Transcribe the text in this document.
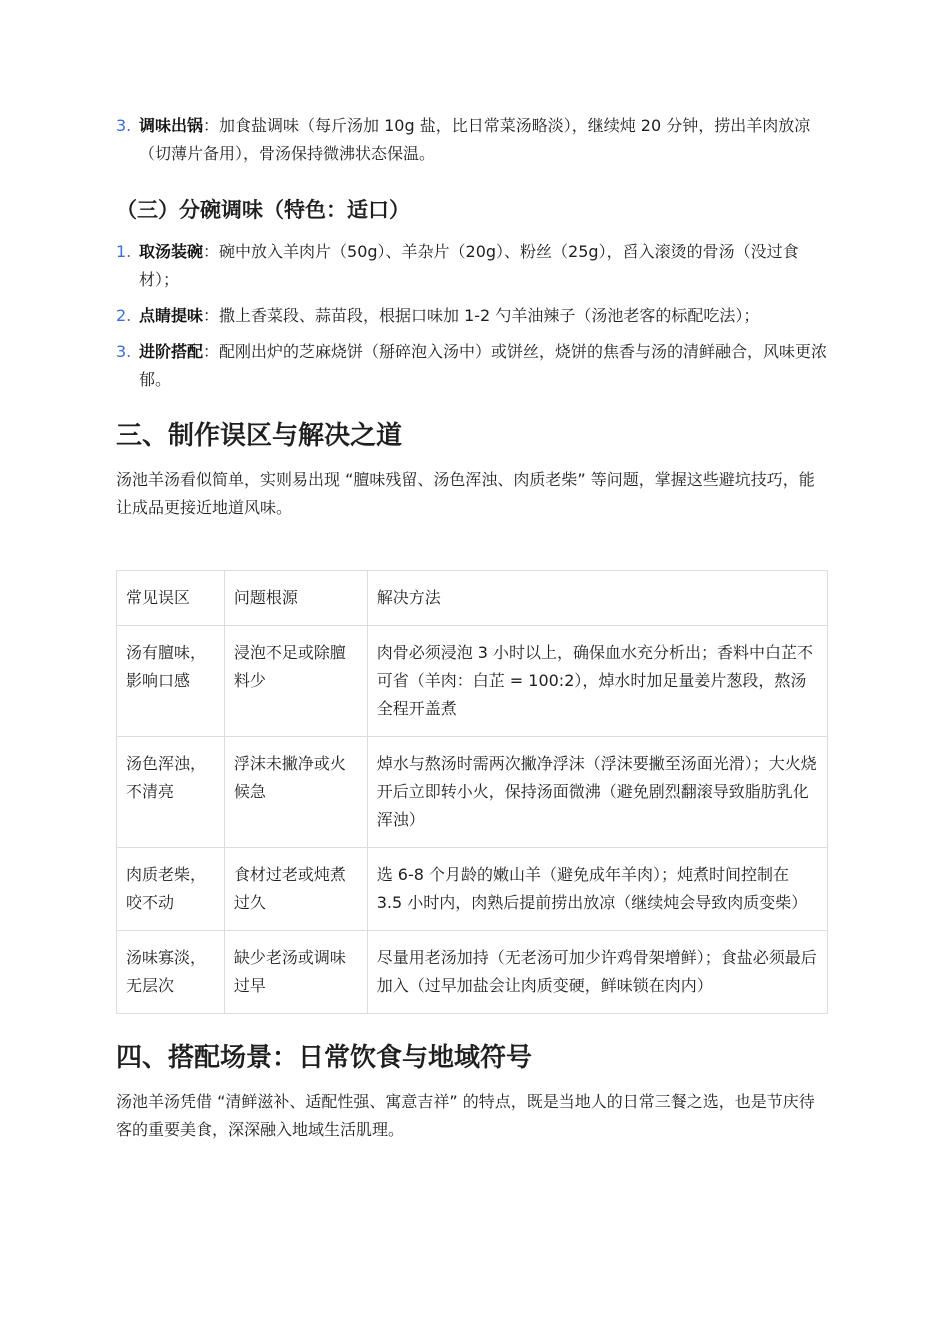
3. 调味出锅：加食盐调味（每斤汤加 10g 盐，比日常菜汤略淡），继续炖 20 分钟，捞出羊肉放凉（切薄片备用），骨汤保持微沸状态保温。
（三）分碗调味（特色：适口）
1. 取汤装碗：碗中放入羊肉片（50g）、羊杂片（20g）、粉丝（25g），舀入滚烫的骨汤（没过食材）；
2. 点睛提味：撒上香菜段、蒜苗段，根据口味加 1-2 勺羊油辣子（汤池老客的标配吃法）；
3. 进阶搭配：配刚出炉的芝麻烧饼（掰碎泡入汤中）或饼丝，烧饼的焦香与汤的清鲜融合，风味更浓郁。
三、制作误区与解决之道

汤池羊汤看似简单，实则易出现 “膻味残留、汤色浑浊、肉质老柴” 等问题，掌握这些避坑技巧，能让成品更接近地道风味。

常见误区	问题根源	解决方法
汤有膻味，影响口感	浸泡不足或除膻料少	肉骨必须浸泡 3 小时以上，确保血水充分析出；香料中白芷不可省（羊肉：白芷 = 100:2），焯水时加足量姜片葱段，熬汤全程开盖煮
汤色浑浊，不清亮	浮沫未撇净或火候急	焯水与熬汤时需两次撇净浮沫（浮沫要撇至汤面光滑）；大火烧开后立即转小火，保持汤面微沸（避免剧烈翻滚导致脂肪乳化浑浊）
肉质老柴，咬不动	食材过老或炖煮过久	选 6-8 个月龄的嫩山羊（避免成年羊肉）；炖煮时间控制在 3.5 小时内，肉熟后提前捞出放凉（继续炖会导致肉质变柴）
汤味寡淡，无层次	缺少老汤或调味过早	尽量用老汤加持（无老汤可加少许鸡骨架增鲜）；食盐必须最后加入（过早加盐会让肉质变硬，鲜味锁在肉内）
四、搭配场景：日常饮食与地域符号

汤池羊汤凭借 “清鲜滋补、适配性强、寓意吉祥” 的特点，既是当地人的日常三餐之选，也是节庆待客的重要美食，深深融入地域生活肌理。
